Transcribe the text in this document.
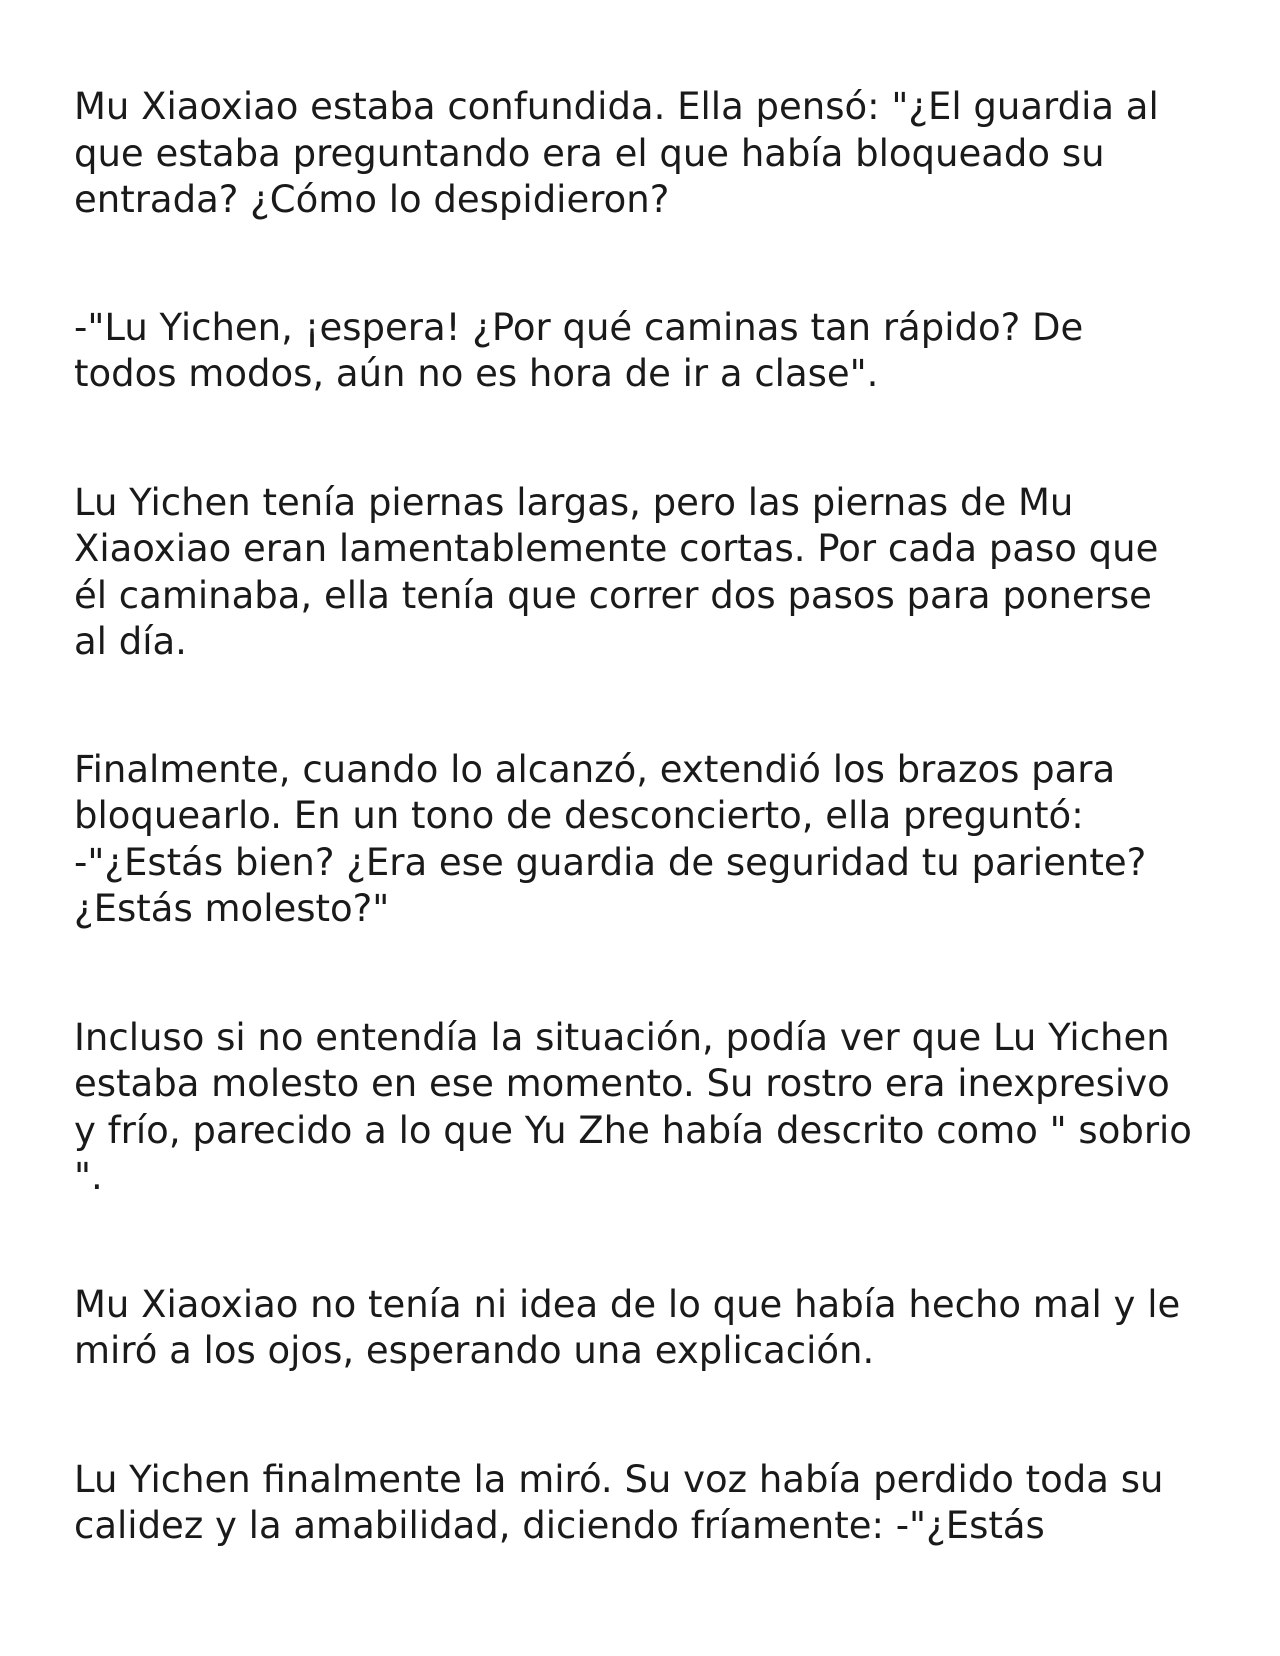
Mu Xiaoxiao estaba confundida. Ella pensó: "¿El guardia al
que estaba preguntando era el que había bloqueado su
entrada? ¿Cómo lo despidieron?

-"Lu Yichen, ¡espera! ¿Por qué caminas tan rápido? De
todos modos, aún no es hora de ir a clase".

Lu Yichen tenía piernas largas, pero las piernas de Mu
Xiaoxiao eran lamentablemente cortas. Por cada paso que
él caminaba, ella tenía que correr dos pasos para ponerse
al día.

Finalmente, cuando lo alcanzó, extendió los brazos para
bloquearlo. En un tono de desconcierto, ella preguntó:
-"¿Estás bien? ¿Era ese guardia de seguridad tu pariente?
¿Estás molesto?"

Incluso si no entendía la situación, podía ver que Lu Yichen
estaba molesto en ese momento. Su rostro era inexpresivo
y frío, parecido a lo que Yu Zhe había descrito como " sobrio
".

Mu Xiaoxiao no tenía ni idea de lo que había hecho mal y le
miró a los ojos, esperando una explicación.

Lu Yichen finalmente la miró. Su voz había perdido toda su
calidez y la amabilidad, diciendo fríamente: -"¿Estás
